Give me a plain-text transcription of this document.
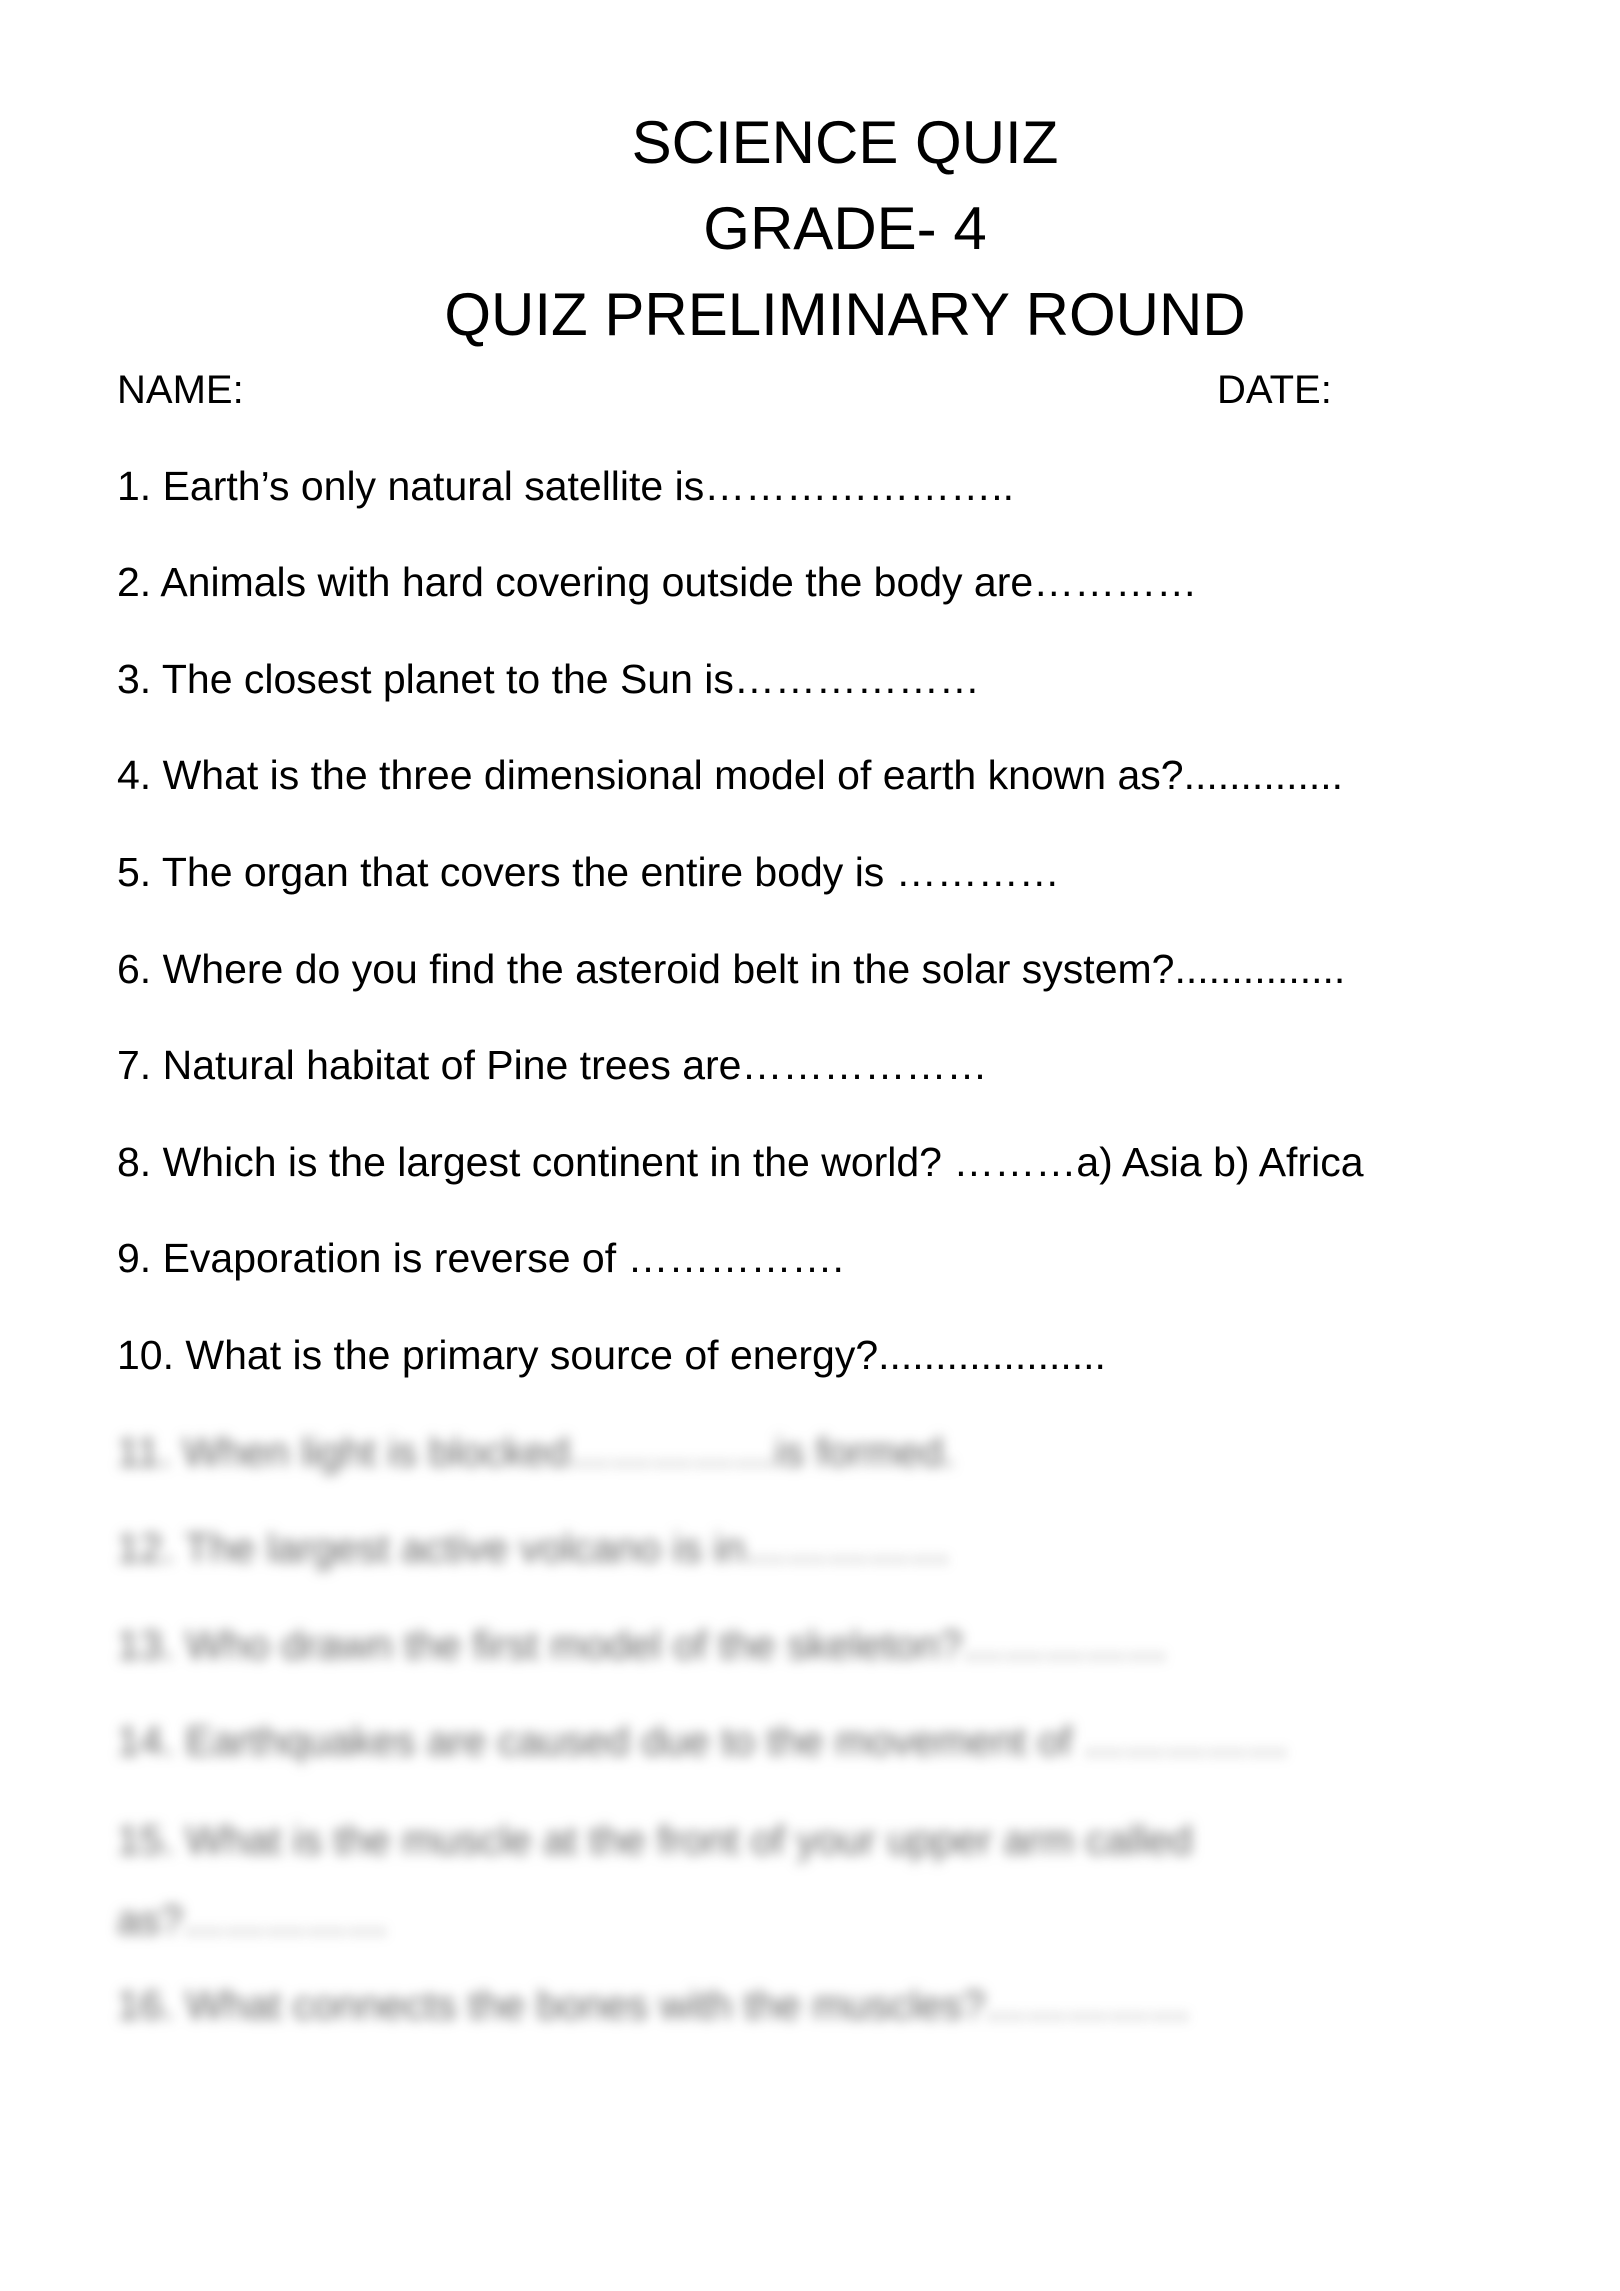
SCIENCE QUIZ
GRADE- 4
QUIZ PRELIMINARY ROUND
NAME:	DATE:
1. Earth’s only natural satellite is…………………..
2. Animals with hard covering outside the body are…………
3. The closest planet to the Sun is………………
4. What is the three dimensional model of earth known as?..............
5. The organ that covers the entire body is …………
6. Where do you find the asteroid belt in the solar system?...............
7. Natural habitat of Pine trees are………………
8. Which is the largest continent in the world? ………a) Asia b) Africa
9. Evaporation is reverse of …………….
10. What is the primary source of energy?....................
11. When light is blocked……………is formed.
12. The largest active volcano is in……………
13. Who drawn the first model of the skeleton?……………
14. Earthquakes are caused due to the movement of ……………
15. What is the muscle at the front of your upper arm called as?……………
16. What connects the bones with the muscles?……………
